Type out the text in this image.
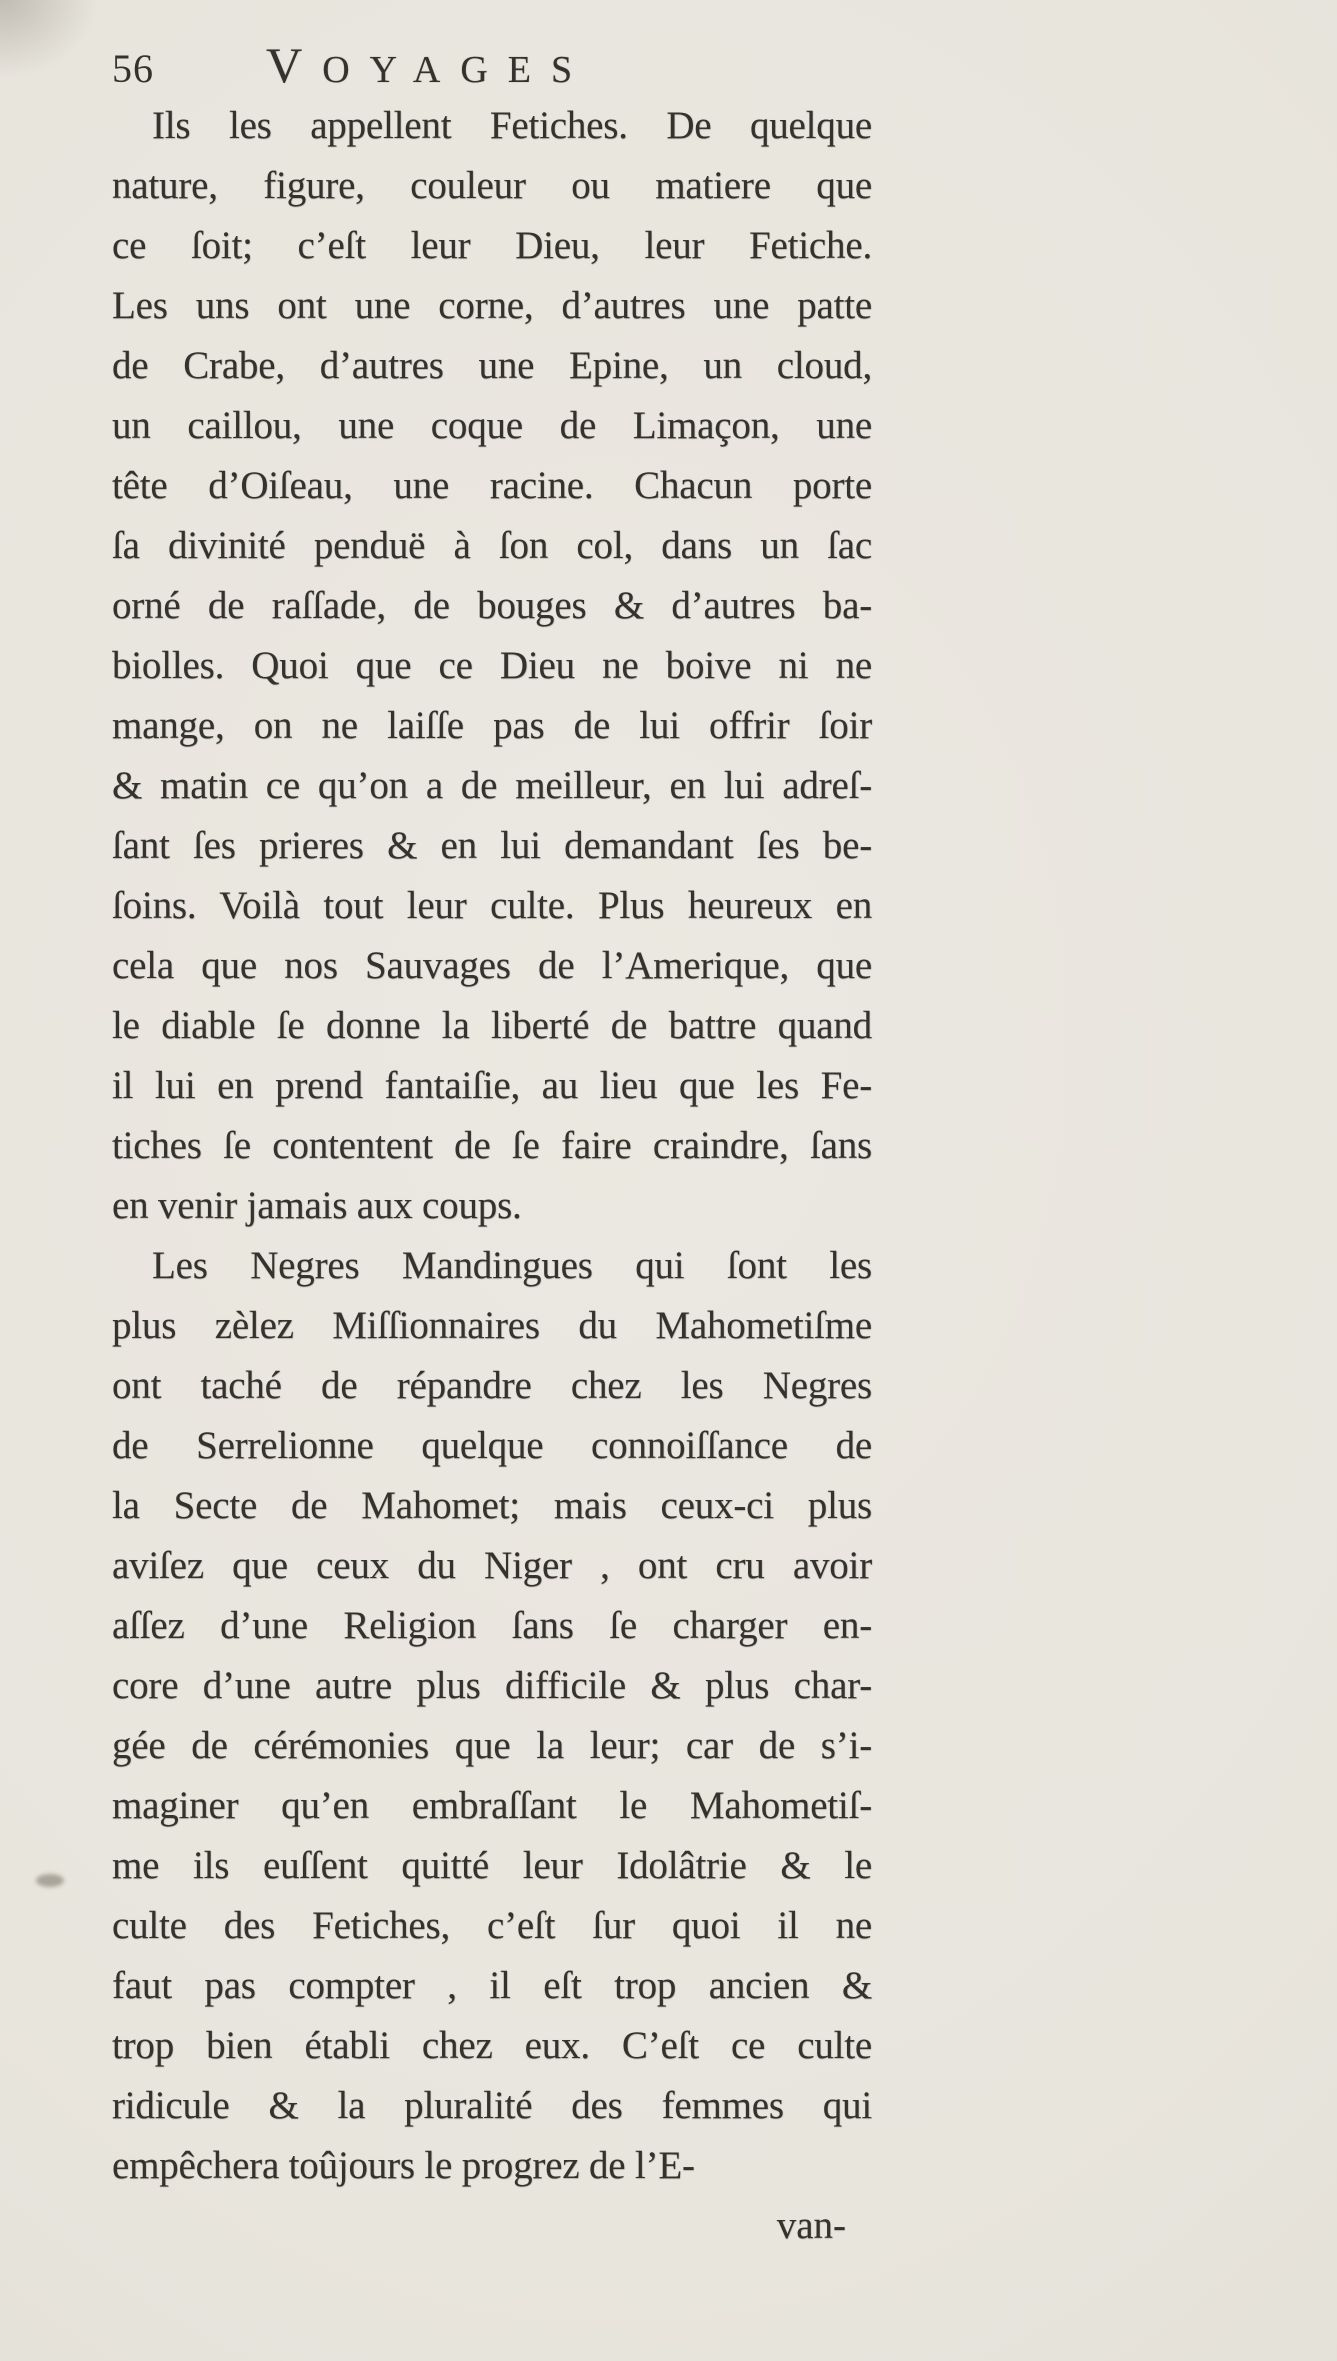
56	VOYAGES
Ils les appellent Fetiches. De quelque
nature, figure, couleur ou matiere que
ce ſoit; c’eſt leur Dieu, leur Fetiche.
Les uns ont une corne, d’autres une patte
de Crabe, d’autres une Epine, un cloud,
un caillou, une coque de Limaçon, une
tête d’Oiſeau, une racine. Chacun porte
ſa divinité penduë à ſon col, dans un ſac
orné de raſſade, de bouges & d’autres ba-
biolles. Quoi que ce Dieu ne boive ni ne
mange, on ne laiſſe pas de lui offrir ſoir
& matin ce qu’on a de meilleur, en lui adreſ-
ſant ſes prieres & en lui demandant ſes be-
ſoins. Voilà tout leur culte. Plus heureux en
cela que nos Sauvages de l’Amerique, que
le diable ſe donne la liberté de battre quand
il lui en prend fantaiſie, au lieu que les Fe-
tiches ſe contentent de ſe faire craindre, ſans
en venir jamais aux coups.
Les Negres Mandingues qui ſont les
plus zèlez Miſſionnaires du Mahometiſme
ont taché de répandre chez les Negres
de Serrelionne quelque connoiſſance de
la Secte de Mahomet; mais ceux-ci plus
aviſez que ceux du Niger , ont cru avoir
aſſez d’une Religion ſans ſe charger en-
core d’une autre plus difficile & plus char-
gée de cérémonies que la leur; car de s’i-
maginer qu’en embraſſant le Mahometiſ-
me ils euſſent quitté leur Idolâtrie & le
culte des Fetiches, c’eſt ſur quoi il ne
faut pas compter , il eſt trop ancien &
trop bien établi chez eux. C’eſt ce culte
ridicule & la pluralité des femmes qui
empêchera toûjours le progrez de l’E-
van-
